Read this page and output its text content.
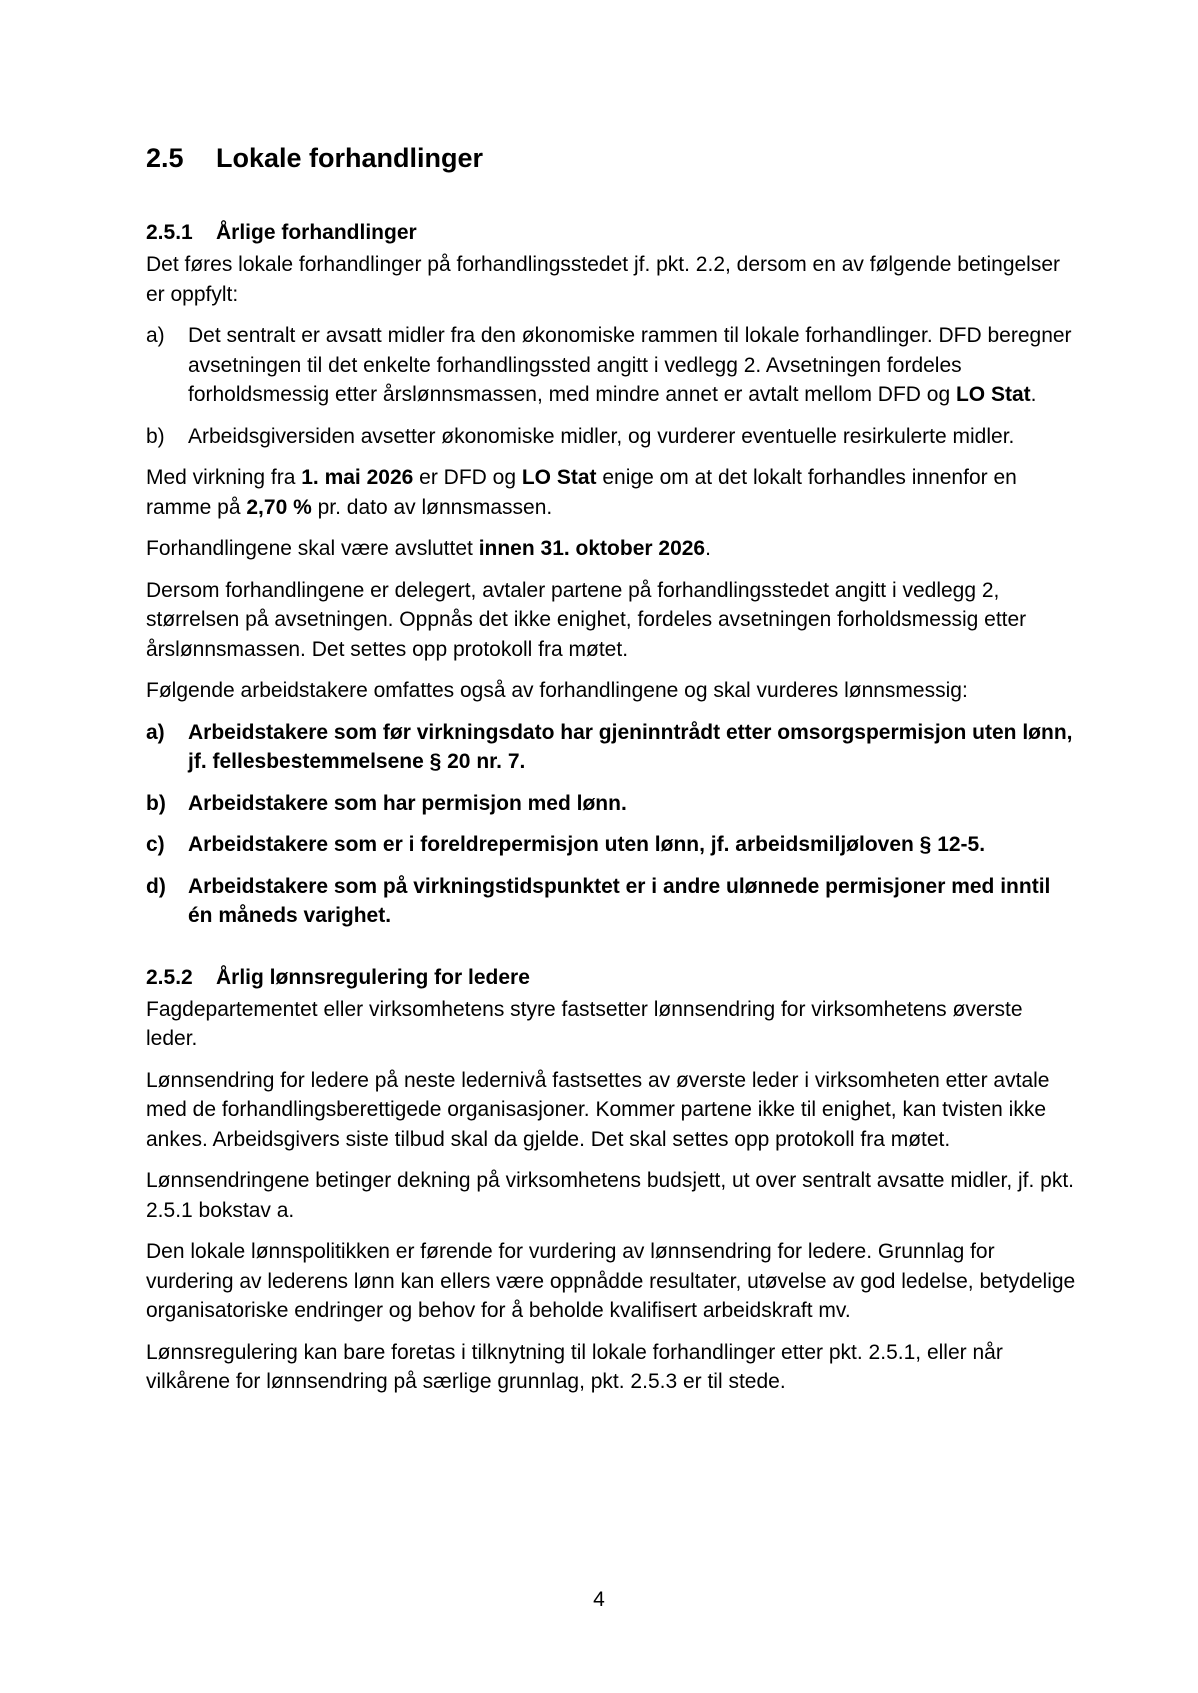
2.5 Lokale forhandlinger
2.5.1 Årlige forhandlinger

Det føres lokale forhandlinger på forhandlingsstedet jf. pkt. 2.2, dersom en av følgende betingelser er oppfylt:

a) Det sentralt er avsatt midler fra den økonomiske rammen til lokale forhandlinger. DFD beregner avsetningen til det enkelte forhandlingssted angitt i vedlegg 2. Avsetningen fordeles forholdsmessig etter årslønnsmassen, med mindre annet er avtalt mellom DFD og LO Stat.
b) Arbeidsgiversiden avsetter økonomiske midler, og vurderer eventuelle resirkulerte midler.

Med virkning fra 1. mai 2026 er DFD og LO Stat enige om at det lokalt forhandles innenfor en ramme på 2,70 % pr. dato av lønnsmassen.

Forhandlingene skal være avsluttet innen 31. oktober 2026.

Dersom forhandlingene er delegert, avtaler partene på forhandlingsstedet angitt i vedlegg 2, størrelsen på avsetningen. Oppnås det ikke enighet, fordeles avsetningen forholdsmessig etter årslønnsmassen. Det settes opp protokoll fra møtet.

Følgende arbeidstakere omfattes også av forhandlingene og skal vurderes lønnsmessig:

a) Arbeidstakere som før virkningsdato har gjeninntrådt etter omsorgspermisjon uten lønn, jf. fellesbestemmelsene § 20 nr. 7.
b) Arbeidstakere som har permisjon med lønn.
c) Arbeidstakere som er i foreldrepermisjon uten lønn, jf. arbeidsmiljøloven § 12-5.
d) Arbeidstakere som på virkningstidspunktet er i andre ulønnede permisjoner med inntil én måneds varighet.
2.5.2 Årlig lønnsregulering for ledere

Fagdepartementet eller virksomhetens styre fastsetter lønnsendring for virksomhetens øverste leder.

Lønnsendring for ledere på neste ledernivå fastsettes av øverste leder i virksomheten etter avtale med de forhandlingsberettigede organisasjoner. Kommer partene ikke til enighet, kan tvisten ikke ankes. Arbeidsgivers siste tilbud skal da gjelde. Det skal settes opp protokoll fra møtet.

Lønnsendringene betinger dekning på virksomhetens budsjett, ut over sentralt avsatte midler, jf. pkt. 2.5.1 bokstav a.

Den lokale lønnspolitikken er førende for vurdering av lønnsendring for ledere. Grunnlag for vurdering av lederens lønn kan ellers være oppnådde resultater, utøvelse av god ledelse, betydelige organisatoriske endringer og behov for å beholde kvalifisert arbeidskraft mv.

Lønnsregulering kan bare foretas i tilknytning til lokale forhandlinger etter pkt. 2.5.1, eller når vilkårene for lønnsendring på særlige grunnlag, pkt. 2.5.3 er til stede.

4
